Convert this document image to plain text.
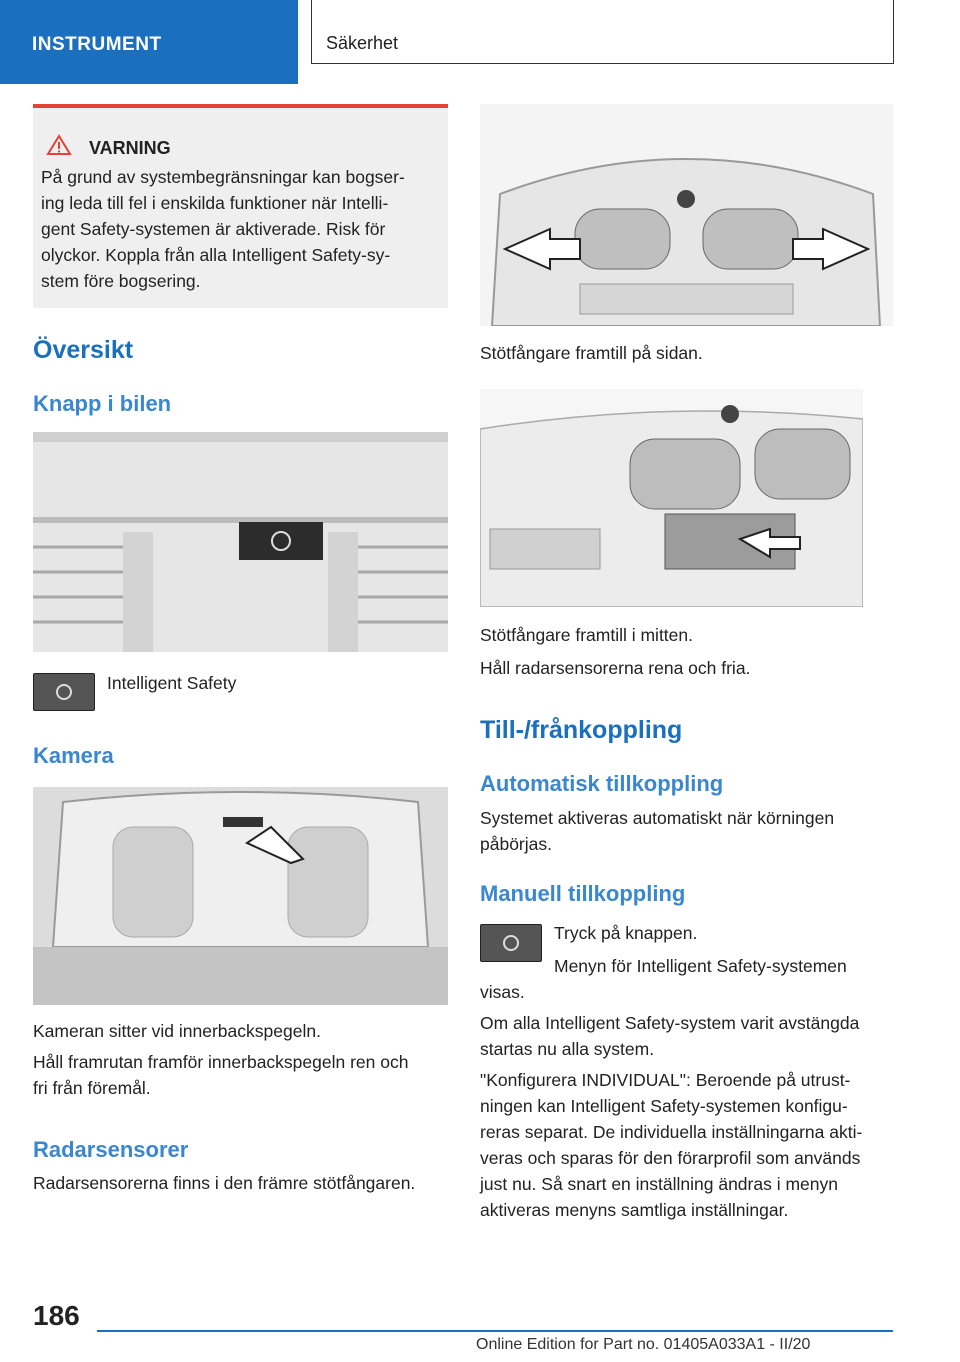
INSTRUMENT	Säkerhet
VARNING
På grund av systembegränsningar kan bogser-
ing leda till fel i enskilda funktioner när Intelli-
gent Safety-systemen är aktiverade. Risk för
olyckor. Koppla från alla Intelligent Safety-sy-
stem före bogsering.
Översikt
Knapp i bilen
Intelligent Safety
Kamera
Kameran sitter vid innerbackspegeln.
Håll framrutan framför innerbackspegeln ren och
fri från föremål.
Radarsensorer
Radarsensorerna finns i den främre stötfångaren.
Stötfångare framtill på sidan.
Stötfångare framtill i mitten.
Håll radarsensorerna rena och fria.
Till-/frånkoppling
Automatisk tillkoppling
Systemet aktiveras automatiskt när körningen
påbörjas.
Manuell tillkoppling
Tryck på knappen.
Menyn för Intelligent Safety-systemen
visas.
Om alla Intelligent Safety-system varit avstängda
startas nu alla system.
"Konfigurera INDIVIDUAL": Beroende på utrust-
ningen kan Intelligent Safety-systemen konfigu-
reras separat. De individuella inställningarna akti-
veras och sparas för den förarprofil som används
just nu. Så snart en inställning ändras i menyn
aktiveras menyns samtliga inställningar.
186
Online Edition for Part no. 01405A033A1 - II/20
